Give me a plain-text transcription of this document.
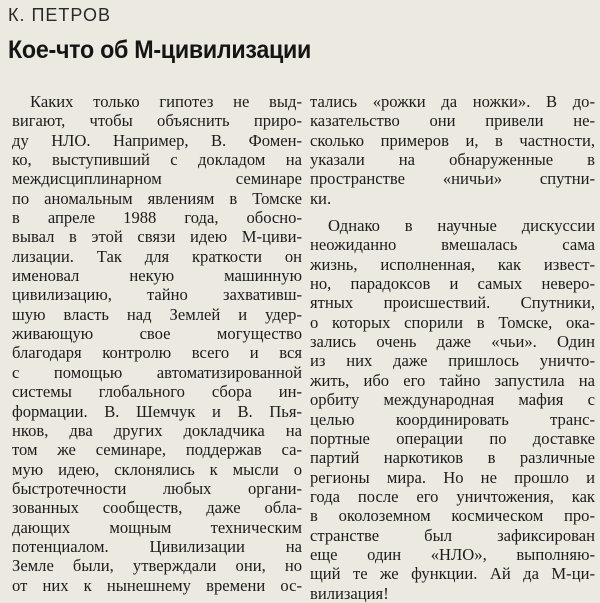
К. ПЕТРОВ
Кое-что об М-цивилизации
Каких только гипотез не выд-
вигают, чтобы объяснить приро-
ду НЛО. Например, В. Фомен-
ко, выступивший с докладом на
междисциплинарном семинаре
по аномальным явлениям в Томске
в апреле 1988 года, обосно-
вывал в этой связи идею М-циви-
лизации. Так для краткости он
именовал некую машинную
цивилизацию, тайно захвативш-
шую власть над Землей и удер-
живающую свое могущество
благодаря контролю всего и вся
с помощью автоматизированной
системы глобального сбора ин-
формации. В. Шемчук и В. Пья-
нков, два других докладчика на
том же семинаре, поддержав са-
мую идею, склонялись к мысли о
быстротечности любых органи-
зованных сообществ, даже обла-
дающих мощным техническим
потенциалом. Цивилизации на
Земле были, утверждали они, но
от них к нынешнему времени ос-
тались «рожки да ножки». В до-
казательство они привели не-
сколько примеров и, в частности,
указали на обнаруженные в
пространстве «ничьи» спутни-
ки.
Однако в научные дискуссии
неожиданно вмешалась сама
жизнь, исполненная, как извест-
но, парадоксов и самых неверо-
ятных происшествий. Спутники,
о которых спорили в Томске, ока-
зались очень даже «чьи». Один
из них даже пришлось уничто-
жить, ибо его тайно запустила на
орбиту международная мафия с
целью координировать транс-
портные операции по доставке
партий наркотиков в различные
регионы мира. Но не прошло и
года после его уничтожения, как
в околоземном космическом про-
странстве был зафиксирован
еще один «НЛО», выполняю-
щий те же функции. Ай да М-ци-
вилизация!
